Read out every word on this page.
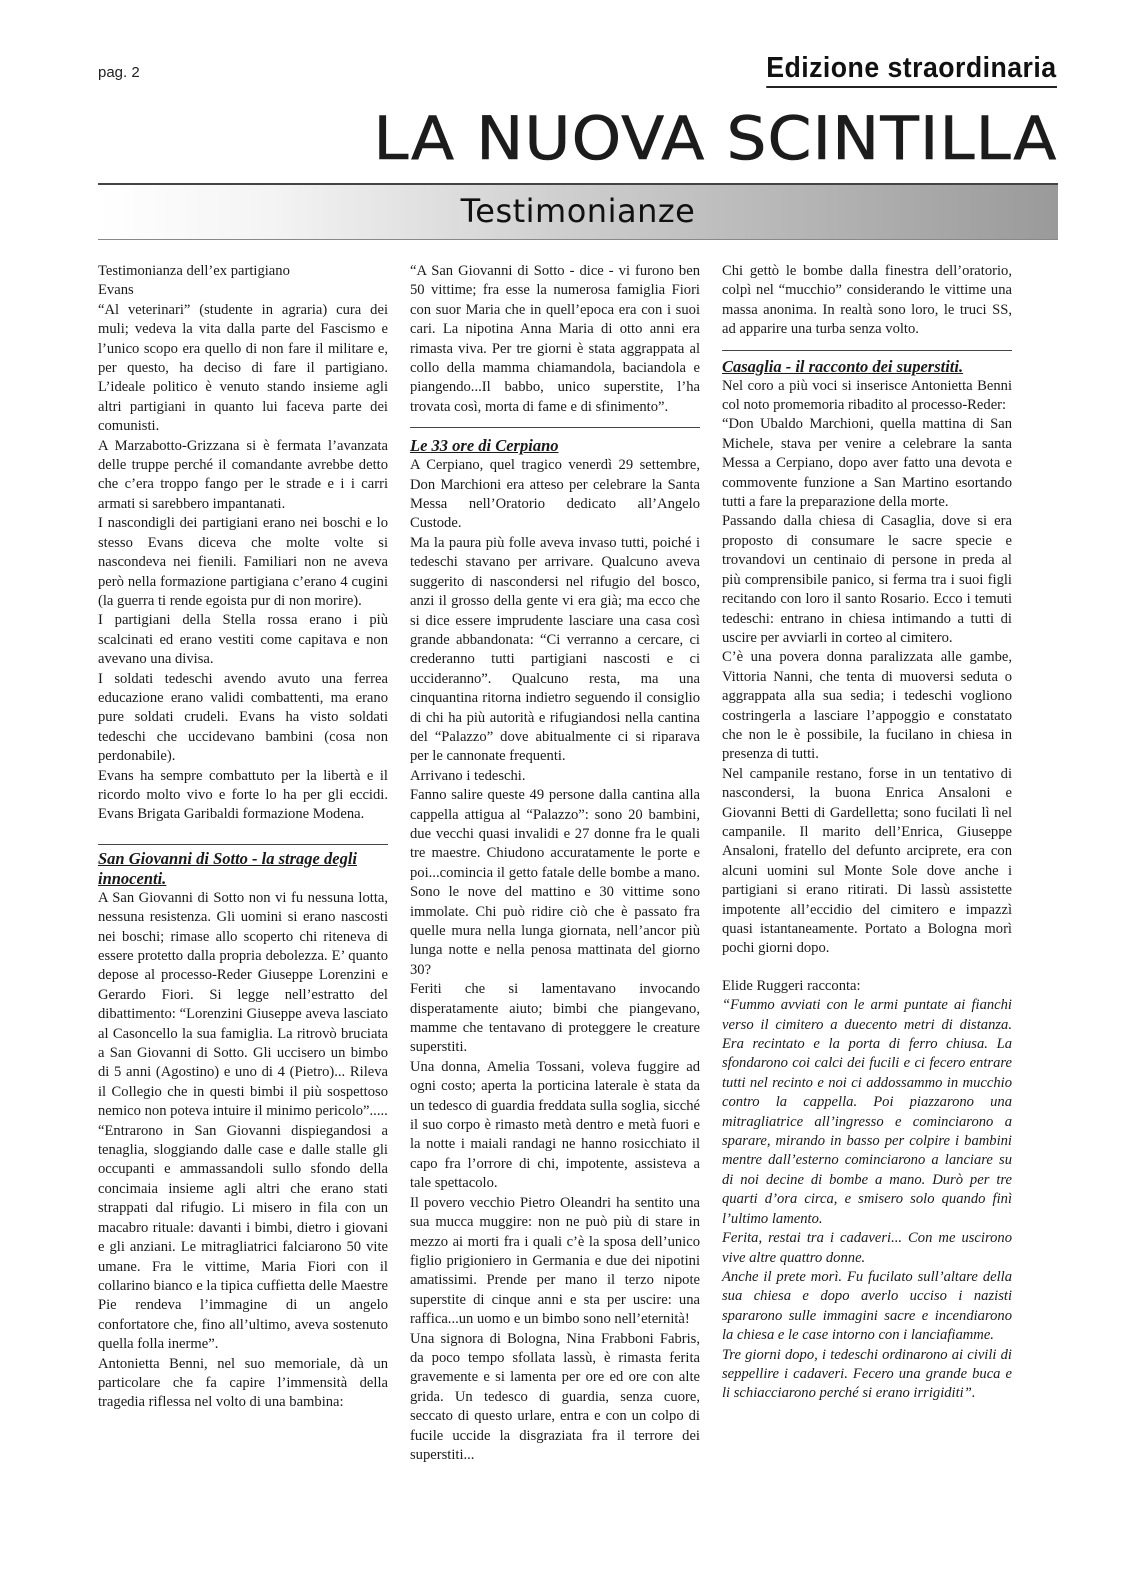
pag. 2	Edizione straordinaria
LA NUOVA SCINTILLA
Testimonianze

Testimonianza dell’ex partigiano

Evans

“Al veterinari” (studente in agraria) cura dei muli; vedeva la vita dalla parte del Fascismo e l’unico scopo era quello di non fare il militare e, per questo, ha deciso di fare il partigiano. L’ideale politico è venuto stando insieme agli altri partigiani in quanto lui faceva parte dei comunisti.

A Marzabotto-Grizzana si è fermata l’avanzata delle truppe perché il comandante avrebbe detto che c’era troppo fango per le strade e i i carri armati si sarebbero impantanati.

I nascondigli dei partigiani erano nei boschi e lo stesso Evans diceva che molte volte si nascondeva nei fienili. Familiari non ne aveva però nella formazione partigiana c’erano 4 cugini (la guerra ti rende egoista pur di non morire).

I partigiani della Stella rossa erano i più scalcinati ed erano vestiti come capitava e non avevano una divisa.

I soldati tedeschi avendo avuto una ferrea educazione erano validi combattenti, ma erano pure soldati crudeli. Evans ha visto soldati tedeschi che uccidevano bambini (cosa non perdonabile).

Evans ha sempre combattuto per la libertà e il ricordo molto vivo e forte lo ha per gli eccidi. Evans Brigata Garibaldi formazione Modena.

San Giovanni di Sotto - la strage degli innocenti.

A San Giovanni di Sotto non vi fu nessuna lotta, nessuna resistenza. Gli uomini si erano nascosti nei boschi; rimase allo scoperto chi riteneva di essere protetto dalla propria debolezza. E’ quanto depose al processo-Reder Giuseppe Lorenzini e Gerardo Fiori. Si legge nell’estratto del dibattimento: “Lorenzini Giuseppe aveva lasciato al Casoncello la sua famiglia. La ritrovò bruciata a San Giovanni di Sotto. Gli uccisero un bimbo di 5 anni (Agostino) e uno di 4 (Pietro)... Rileva il Collegio che in questi bimbi il più sospettoso nemico non poteva intuire il minimo pericolo”.....

“Entrarono in San Giovanni dispiegandosi a tenaglia, sloggiando dalle case e dalle stalle gli occupanti e ammassandoli sullo sfondo della concimaia insieme agli altri che erano stati strappati dal rifugio. Li misero in fila con un macabro rituale: davanti i bimbi, dietro i giovani e gli anziani. Le mitragliatrici falciarono 50 vite umane. Fra le vittime, Maria Fiori con il collarino bianco e la tipica cuffietta delle Maestre Pie rendeva l’immagine di un angelo confortatore che, fino all’ultimo, aveva sostenuto quella folla inerme”.

Antonietta Benni, nel suo memoriale, dà un particolare che fa capire l’immensità della tragedia riflessa nel volto di una bambina:

“A San Giovanni di Sotto - dice - vi furono ben 50 vittime; fra esse la numerosa famiglia Fiori con suor Maria che in quell’epoca era con i suoi cari. La nipotina Anna Maria di otto anni era rimasta viva. Per tre giorni è stata aggrappata al collo della mamma chiamandola, baciandola e piangendo...Il babbo, unico superstite, l’ha trovata così, morta di fame e di sfinimento”.

Le 33 ore di Cerpiano

A Cerpiano, quel tragico venerdì 29 settembre, Don Marchioni era atteso per celebrare la Santa Messa nell’Oratorio dedicato all’Angelo Custode.

Ma la paura più folle aveva invaso tutti, poiché i tedeschi stavano per arrivare. Qualcuno aveva suggerito di nascondersi nel rifugio del bosco, anzi il grosso della gente vi era già; ma ecco che si dice essere imprudente lasciare una casa così grande abbandonata: “Ci verranno a cercare, ci crederanno tutti partigiani nascosti e ci uccideranno”. Qualcuno resta, ma una cinquantina ritorna indietro seguendo il consiglio di chi ha più autorità e rifugiandosi nella cantina del “Palazzo” dove abitualmente ci si riparava per le cannonate frequenti.

Arrivano i tedeschi.

Fanno salire queste 49 persone dalla cantina alla cappella attigua al “Palazzo”: sono 20 bambini, due vecchi quasi invalidi e 27 donne fra le quali tre maestre. Chiudono accuratamente le porte e poi...comincia il getto fatale delle bombe a mano. Sono le nove del mattino e 30 vittime sono immolate. Chi può ridire ciò che è passato fra quelle mura nella lunga giornata, nell’ancor più lunga notte e nella penosa mattinata del giorno 30?

Feriti che si lamentavano invocando disperatamente aiuto; bimbi che piangevano, mamme che tentavano di proteggere le creature superstiti.

Una donna, Amelia Tossani, voleva fuggire ad ogni costo; aperta la porticina laterale è stata da un tedesco di guardia freddata sulla soglia, sicché il suo corpo è rimasto metà dentro e metà fuori e la notte i maiali randagi ne hanno rosicchiato il capo fra l’orrore di chi, impotente, assisteva a tale spettacolo.

Il povero vecchio Pietro Oleandri ha sentito una sua mucca muggire: non ne può più di stare in mezzo ai morti fra i quali c’è la sposa dell’unico figlio prigioniero in Germania e due dei nipotini amatissimi. Prende per mano il terzo nipote superstite di cinque anni e sta per uscire: una raffica...un uomo e un bimbo sono nell’eternità!

Una signora di Bologna, Nina Frabboni Fabris, da poco tempo sfollata lassù, è rimasta ferita gravemente e si lamenta per ore ed ore con alte grida. Un tedesco di guardia, senza cuore, seccato di questo urlare, entra e con un colpo di fucile uccide la disgraziata fra il terrore dei superstiti...

Chi gettò le bombe dalla finestra dell’oratorio, colpì nel “mucchio” considerando le vittime una massa anonima. In realtà sono loro, le truci SS, ad apparire una turba senza volto.

Casaglia - il racconto dei superstiti.

Nel coro a più voci si inserisce Antonietta Benni col noto promemoria ribadito al processo-Reder:

“Don Ubaldo Marchioni, quella mattina di San Michele, stava per venire a celebrare la santa Messa a Cerpiano, dopo aver fatto una devota e commovente funzione a San Martino esortando tutti a fare la preparazione della morte.

Passando dalla chiesa di Casaglia, dove si era proposto di consumare le sacre specie e trovandovi un centinaio di persone in preda al più comprensibile panico, si ferma tra i suoi figli recitando con loro il santo Rosario. Ecco i temuti tedeschi: entrano in chiesa intimando a tutti di uscire per avviarli in corteo al cimitero.

C’è una povera donna paralizzata alle gambe, Vittoria Nanni, che tenta di muoversi seduta o aggrappata alla sua sedia; i tedeschi vogliono costringerla a lasciare l’appoggio e constatato che non le è possibile, la fucilano in chiesa in presenza di tutti.

Nel campanile restano, forse in un tentativo di nascondersi, la buona Enrica Ansaloni e Giovanni Betti di Gardelletta; sono fucilati lì nel campanile. Il marito dell’Enrica, Giuseppe Ansaloni, fratello del defunto arciprete, era con alcuni uomini sul Monte Sole dove anche i partigiani si erano ritirati. Di lassù assistette impotente all’eccidio del cimitero e impazzì quasi istantaneamente. Portato a Bologna morì pochi giorni dopo.

Elide Ruggeri racconta:

“Fummo avviati con le armi puntate ai fianchi verso il cimitero a duecento metri di distanza. Era recintato e la porta di ferro chiusa. La sfondarono coi calci dei fucili e ci fecero entrare tutti nel recinto e noi ci addossammo in mucchio contro la cappella. Poi piazzarono una mitragliatrice all’ingresso e cominciarono a sparare, mirando in basso per colpire i bambini mentre dall’esterno cominciarono a lanciare su di noi decine di bombe a mano. Durò per tre quarti d’ora circa, e smisero solo quando finì l’ultimo lamento.

Ferita, restai tra i cadaveri... Con me uscirono vive altre quattro donne.

Anche il prete morì. Fu fucilato sull’altare della sua chiesa e dopo averlo ucciso i nazisti spararono sulle immagini sacre e incendiarono la chiesa e le case intorno con i lanciafiamme.

Tre giorni dopo, i tedeschi ordinarono ai civili di seppellire i cadaveri. Fecero una grande buca e li schiacciarono perché si erano irrigiditi”.
